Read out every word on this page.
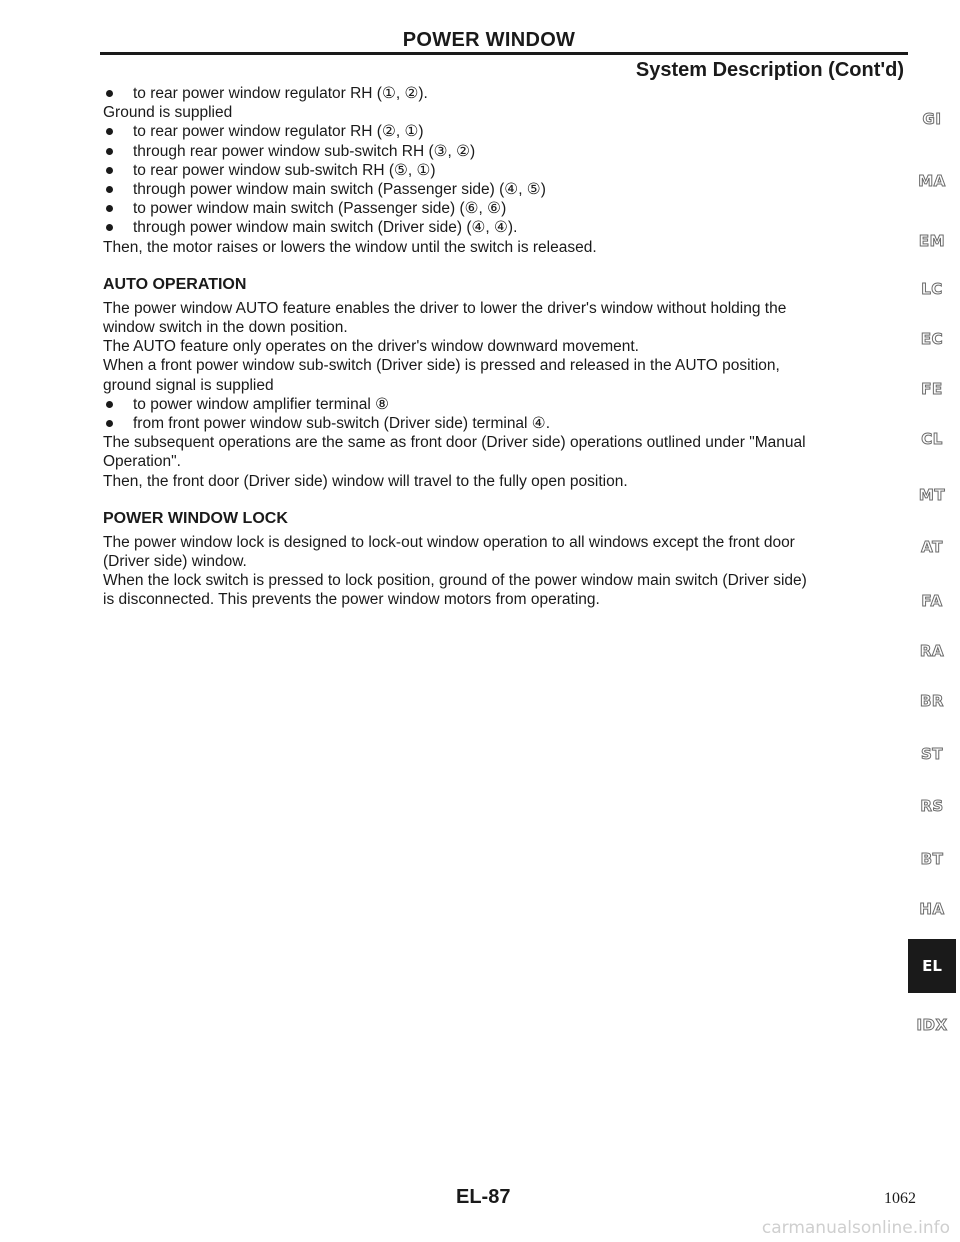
POWER WINDOW
System Description (Cont'd)
to rear power window regulator RH (①, ②).
Ground is supplied
to rear power window regulator RH (②, ①)
through rear power window sub-switch RH (③, ②)
to rear power window sub-switch RH (⑤, ①)
through power window main switch (Passenger side) (④, ⑤)
to power window main switch (Passenger side) (⑥, ⑥)
through power window main switch (Driver side) (④, ④).
Then, the motor raises or lowers the window until the switch is released.
AUTO OPERATION
The power window AUTO feature enables the driver to lower the driver's window without holding the
window switch in the down position.
The AUTO feature only operates on the driver's window downward movement.
When a front power window sub-switch (Driver side) is pressed and released in the AUTO position,
ground signal is supplied
to power window amplifier terminal ⑧
from front power window sub-switch (Driver side) terminal ④.
The subsequent operations are the same as front door (Driver side) operations outlined under "Manual
Operation".
Then, the front door (Driver side) window will travel to the fully open position.
POWER WINDOW LOCK
The power window lock is designed to lock-out window operation to all windows except the front door
(Driver side) window.
When the lock switch is pressed to lock position, ground of the power window main switch (Driver side)
is disconnected. This prevents the power window motors from operating.
GI
MA
EM
LC
EC
FE
CL
MT
AT
FA
RA
BR
ST
RS
BT
HA
EL
IDX
EL-87	1062
carmanualsonline.info
